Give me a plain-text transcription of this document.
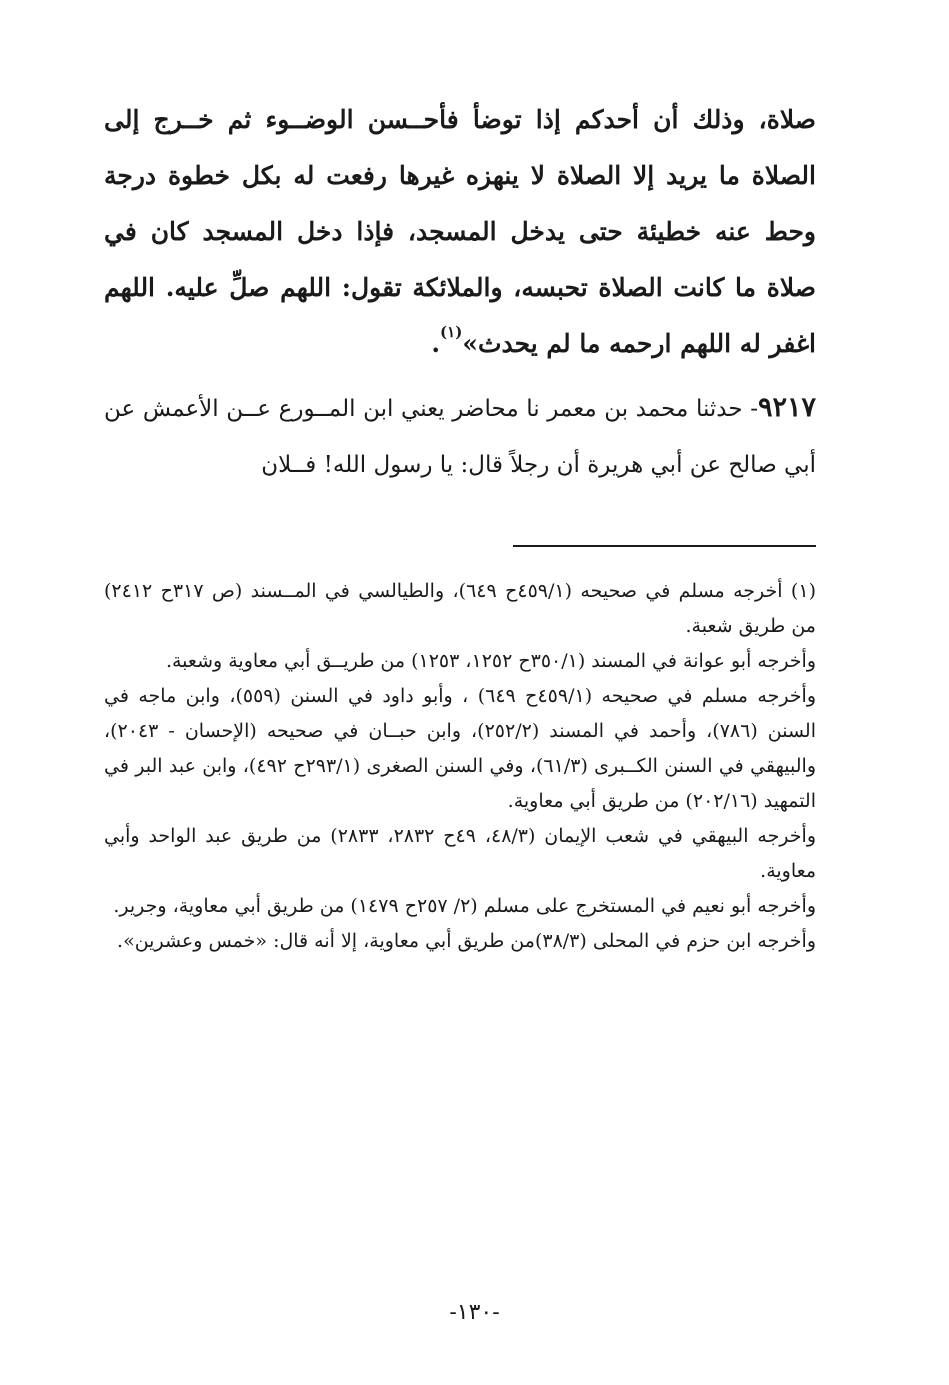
صلاة، وذلك أن أحدكم إذا توضأ فأحــسن الوضــوء ثم خــرج إلى الصلاة ما يريد إلا الصلاة لا ينهزه غيرها رفعت له بكل خطوة درجة وحط عنه خطيئة حتى يدخل المسجد، فإذا دخل المسجد كان في صلاة ما كانت الصلاة تحبسه، والملائكة تقول: اللهم صلِّ عليه. اللهم اغفر له اللهم ارحمه ما لم يحدث»$^{(١)}$.

٩٢١٧- حدثنا محمد بن معمر نا محاضر يعني ابن المــورع عــن الأعمش عن أبي صالح عن أبي هريرة أن رجلاً قال: يا رسول الله! فــلان

(١) أخرجه مسلم في صحيحه (٤٥٩/١ح ٦٤٩)، والطيالسي في المــسند (ص ٣١٧ح ٢٤١٢) من طريق شعبة.

وأخرجه أبو عوانة في المسند (٣٥٠/١ح ١٢٥٢، ١٢٥٣) من طريــق أبي معاوية وشعبة.

وأخرجه مسلم في صحيحه (٤٥٩/١ح ٦٤٩) ، وأبو داود في السنن (٥٥٩)، وابن ماجه في السنن (٧٨٦)، وأحمد في المسند (٢٥٢/٢)، وابن حبــان في صحيحه (الإحسان - ٢٠٤٣)، والبيهقي في السنن الكــبرى (٦١/٣)، وفي السنن الصغرى (٢٩٣/١ح ٤٩٢)، وابن عبد البر في التمهيد (٢٠٢/١٦) من طريق أبي معاوية.

وأخرجه البيهقي في شعب الإيمان (٤٨/٣، ٤٩ح ٢٨٣٢، ٢٨٣٣) من طريق عبد الواحد وأبي معاوية.

وأخرجه أبو نعيم في المستخرج على مسلم (٢/ ٢٥٧ح ١٤٧٩) من طريق أبي معاوية، وجرير.

وأخرجه ابن حزم في المحلى (٣٨/٣)من طريق أبي معاوية، إلا أنه قال: «خمس وعشرين».

-١٣٠-
